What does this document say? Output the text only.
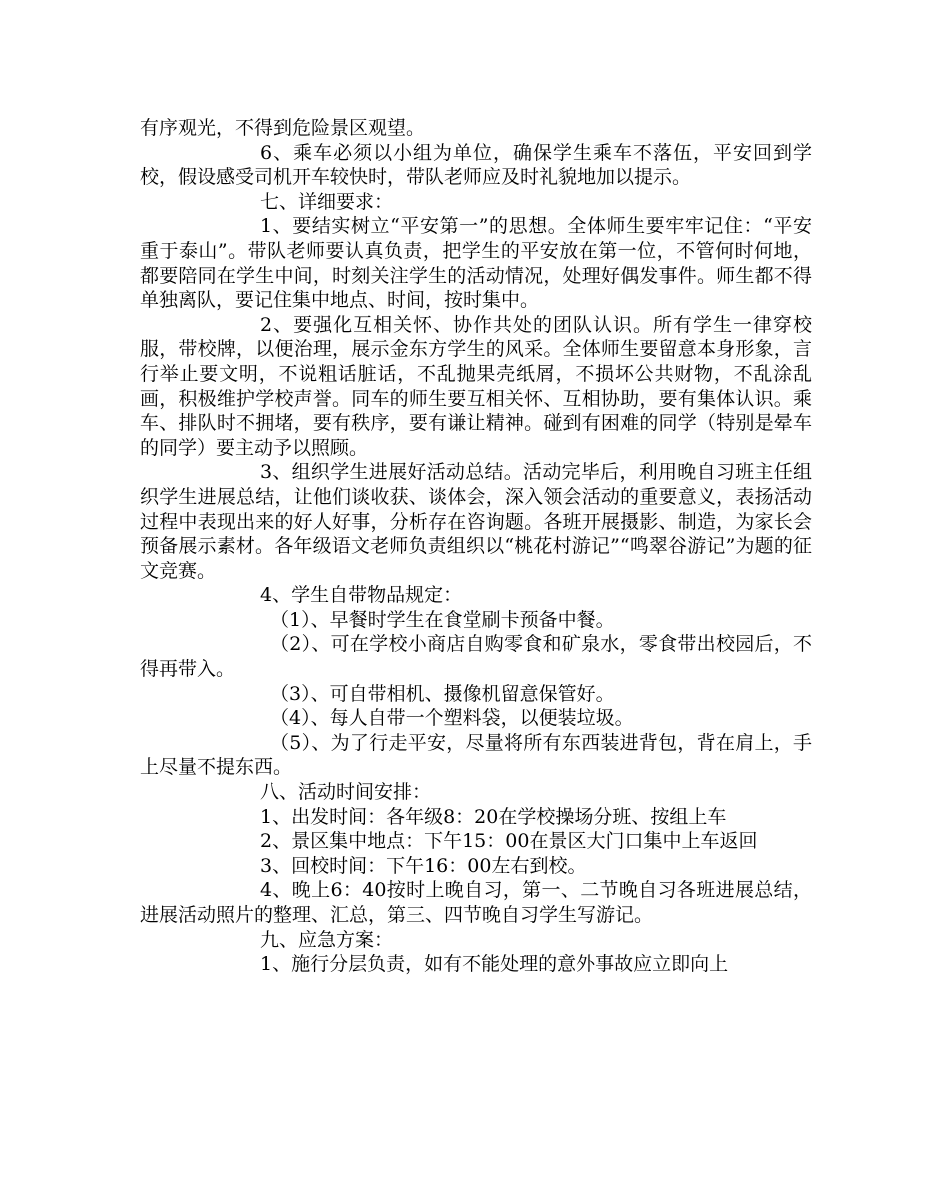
有序观光，不得到危险景区观望。

6、乘车必须以小组为单位，确保学生乘车不落伍，平安回到学校，假设感受司机开车较快时，带队老师应及时礼貌地加以提示。

七、详细要求：

1、要结实树立“平安第一”的思想。全体师生要牢牢记住：“平安重于泰山”。带队老师要认真负责，把学生的平安放在第一位，不管何时何地，都要陪同在学生中间，时刻关注学生的活动情况，处理好偶发事件。师生都不得单独离队，要记住集中地点、时间，按时集中。

2、要强化互相关怀、协作共处的团队认识。所有学生一律穿校服，带校牌，以便治理，展示金东方学生的风采。全体师生要留意本身形象，言行举止要文明，不说粗话脏话，不乱抛果壳纸屑，不损坏公共财物，不乱涂乱画，积极维护学校声誉。同车的师生要互相关怀、互相协助，要有集体认识。乘车、排队时不拥堵，要有秩序，要有谦让精神。碰到有困难的同学（特别是晕车的同学）要主动予以照顾。

3、组织学生进展好活动总结。活动完毕后，利用晚自习班主任组织学生进展总结，让他们谈收获、谈体会，深入领会活动的重要意义，表扬活动过程中表现出来的好人好事，分析存在咨询题。各班开展摄影、制造，为家长会预备展示素材。各年级语文老师负责组织以“桃花村游记”“鸣翠谷游记”为题的征文竞赛。

4、学生自带物品规定：

（1）、早餐时学生在食堂刷卡预备中餐。

（2）、可在学校小商店自购零食和矿泉水，零食带出校园后，不得再带入。

（3）、可自带相机、摄像机留意保管好。

（4）、每人自带一个塑料袋，以便装垃圾。

（5）、为了行走平安，尽量将所有东西装进背包，背在肩上，手上尽量不提东西。

八、活动时间安排：

1、出发时间：各年级8：20在学校操场分班、按组上车

2、景区集中地点：下午15：00在景区大门口集中上车返回

3、回校时间：下午16：00左右到校。

4、晚上6：40按时上晚自习，第一、二节晚自习各班进展总结，进展活动照片的整理、汇总，第三、四节晚自习学生写游记。

九、应急方案：

1、施行分层负责，如有不能处理的意外事故应立即向上
